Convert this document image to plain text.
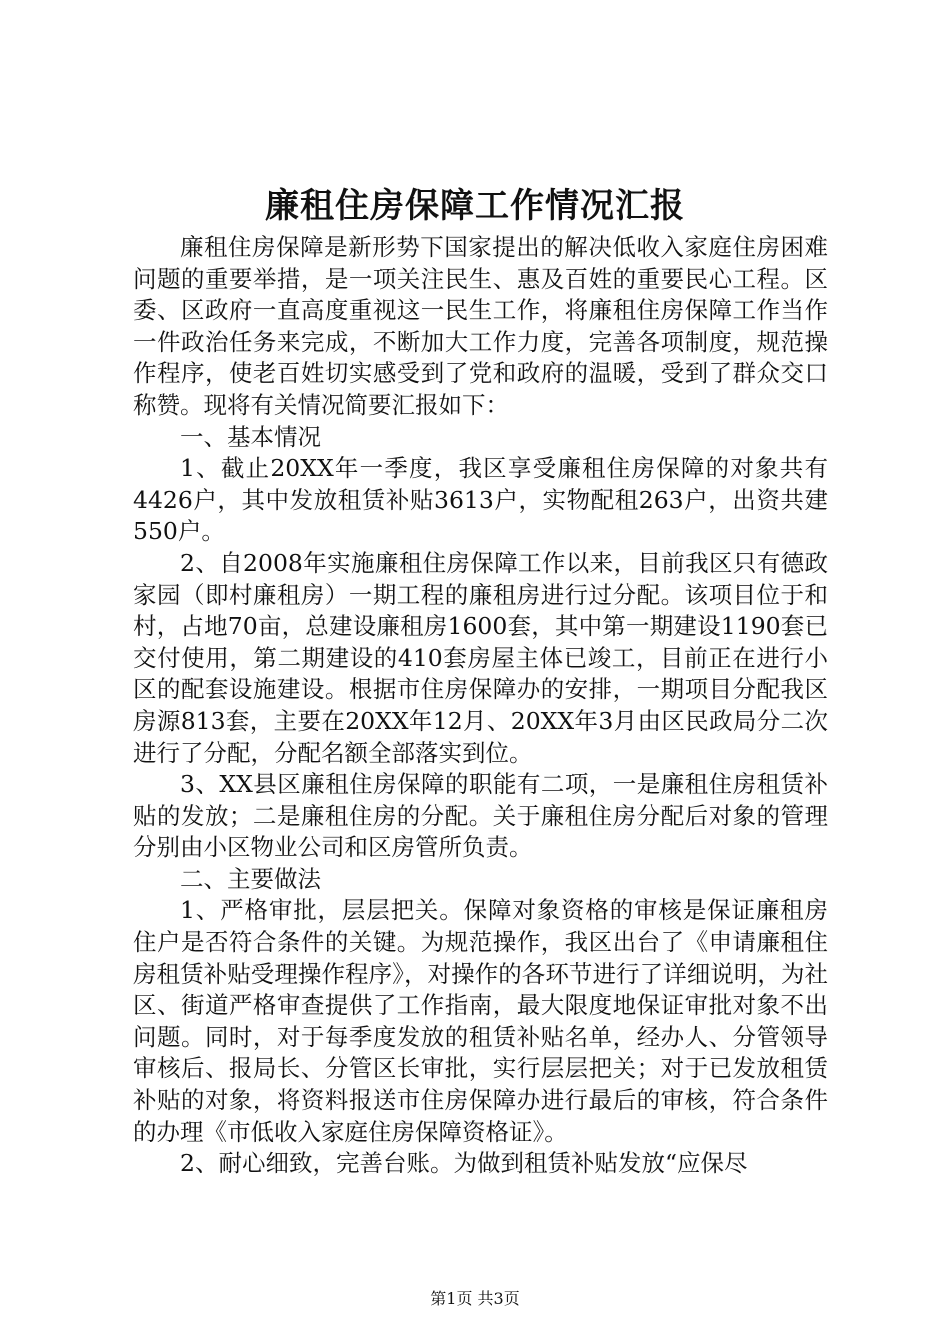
廉租住房保障工作情况汇报

廉租住房保障是新形势下国家提出的解决低收入家庭住房困难问题的重要举措，是一项关注民生、惠及百姓的重要民心工程。区委、区政府一直高度重视这一民生工作，将廉租住房保障工作当作一件政治任务来完成，不断加大工作力度，完善各项制度，规范操作程序，使老百姓切实感受到了党和政府的温暖，受到了群众交口称赞。现将有关情况简要汇报如下：

一、基本情况

1、截止20XX年一季度，我区享受廉租住房保障的对象共有4426户，其中发放租赁补贴3613户，实物配租263户，出资共建550户。

2、自2008年实施廉租住房保障工作以来，目前我区只有德政家园（即村廉租房）一期工程的廉租房进行过分配。该项目位于和村，占地70亩，总建设廉租房1600套，其中第一期建设1190套已交付使用，第二期建设的410套房屋主体已竣工，目前正在进行小区的配套设施建设。根据市住房保障办的安排，一期项目分配我区房源813套，主要在20XX年12月、20XX年3月由区民政局分二次进行了分配，分配名额全部落实到位。

3、XX县区廉租住房保障的职能有二项，一是廉租住房租赁补贴的发放；二是廉租住房的分配。关于廉租住房分配后对象的管理分别由小区物业公司和区房管所负责。

二、主要做法

1、严格审批，层层把关。保障对象资格的审核是保证廉租房住户是否符合条件的关键。为规范操作，我区出台了《申请廉租住房租赁补贴受理操作程序》，对操作的各环节进行了详细说明，为社区、街道严格审查提供了工作指南，最大限度地保证审批对象不出问题。同时，对于每季度发放的租赁补贴名单，经办人、分管领导审核后、报局长、分管区长审批，实行层层把关；对于已发放租赁补贴的对象，将资料报送市住房保障办进行最后的审核，符合条件的办理《市低收入家庭住房保障资格证》。

2、耐心细致，完善台账。为做到租赁补贴发放“应保尽

第1页 共3页
